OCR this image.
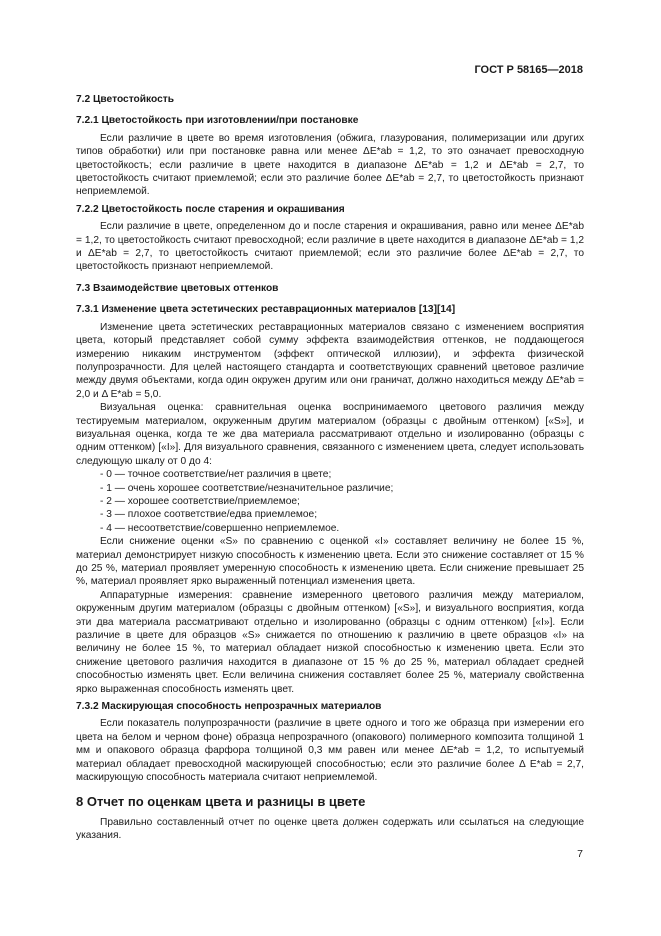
ГОСТ Р 58165—2018
7.2 Цветостойкость
7.2.1 Цветостойкость при изготовлении/при постановке

Если различие в цвете во время изготовления (обжига, глазурования, полимеризации или других типов обработки) или при постановке равна или менее ΔE*ab = 1,2, то это означает превосходную цветостойкость; если различие в цвете находится в диапазоне ΔE*ab = 1,2 и ΔE*ab = 2,7, то цветостойкость считают приемлемой; если это различие более ΔE*ab = 2,7, то цветостойкость признают неприемлемой.

7.2.2 Цветостойкость после старения и окрашивания

Если различие в цвете, определенном до и после старения и окрашивания, равно или менее ΔE*ab = 1,2, то цветостойкость считают превосходной; если различие в цвете находится в диапазоне ΔE*ab = 1,2 и ΔE*ab = 2,7, то цветостойкость считают приемлемой; если это различие более ΔE*ab = 2,7, то цветостойкость признают неприемлемой.

7.3 Взаимодействие цветовых оттенков
7.3.1 Изменение цвета эстетических реставрационных материалов [13][14]

Изменение цвета эстетических реставрационных материалов связано с изменением восприятия цвета, который представляет собой сумму эффекта взаимодействия оттенков, не поддающегося измерению никаким инструментом (эффект оптической иллюзии), и эффекта физической полупрозрачности. Для целей настоящего стандарта и соответствующих сравнений цветовое различие между двумя объектами, когда один окружен другим или они граничат, должно находиться между ΔE*ab = 2,0 и Δ E*ab = 5,0.

Визуальная оценка: сравнительная оценка воспринимаемого цветового различия между тестируемым материалом, окруженным другим материалом (образцы с двойным оттенком) [«S»], и визуальная оценка, когда те же два материала рассматривают отдельно и изолированно (образцы с одним оттенком) [«I»]. Для визуального сравнения, связанного с изменением цвета, следует использовать следующую шкалу от 0 до 4:

- 0 — точное соответствие/нет различия в цвете;

- 1 — очень хорошее соответствие/незначительное различие;

- 2 — хорошее соответствие/приемлемое;

- 3 — плохое соответствие/едва приемлемое;

- 4 — несоответствие/совершенно неприемлемое.

Если снижение оценки «S» по сравнению с оценкой «I» составляет величину не более 15 %, материал демонстрирует низкую способность к изменению цвета. Если это снижение составляет от 15 % до 25 %, материал проявляет умеренную способность к изменению цвета. Если снижение превышает 25 %, материал проявляет ярко выраженный потенциал изменения цвета.

Аппаратурные измерения: сравнение измеренного цветового различия между материалом, окруженным другим материалом (образцы с двойным оттенком) [«S»], и визуального восприятия, когда эти два материала рассматривают отдельно и изолированно (образцы с одним оттенком) [«I»]. Если различие в цвете для образцов «S» снижается по отношению к различию в цвете образцов «I» на величину не более 15 %, то материал обладает низкой способностью к изменению цвета. Если это снижение цветового различия находится в диапазоне от 15 % до 25 %, материал обладает средней способностью изменять цвет. Если величина снижения составляет более 25 %, материалу свойственна ярко выраженная способность изменять цвет.

7.3.2 Маскирующая способность непрозрачных материалов

Если показатель полупрозрачности (различие в цвете одного и того же образца при измерении его цвета на белом и черном фоне) образца непрозрачного (опакового) полимерного композита толщиной 1 мм и опакового образца фарфора толщиной 0,3 мм равен или менее ΔE*ab = 1,2, то испытуемый материал обладает превосходной маскирующей способностью; если это различие более Δ E*ab = 2,7, маскирующую способность материала считают неприемлемой.

8 Отчет по оценкам цвета и разницы в цвете

Правильно составленный отчет по оценке цвета должен содержать или ссылаться на следующие указания.

7
